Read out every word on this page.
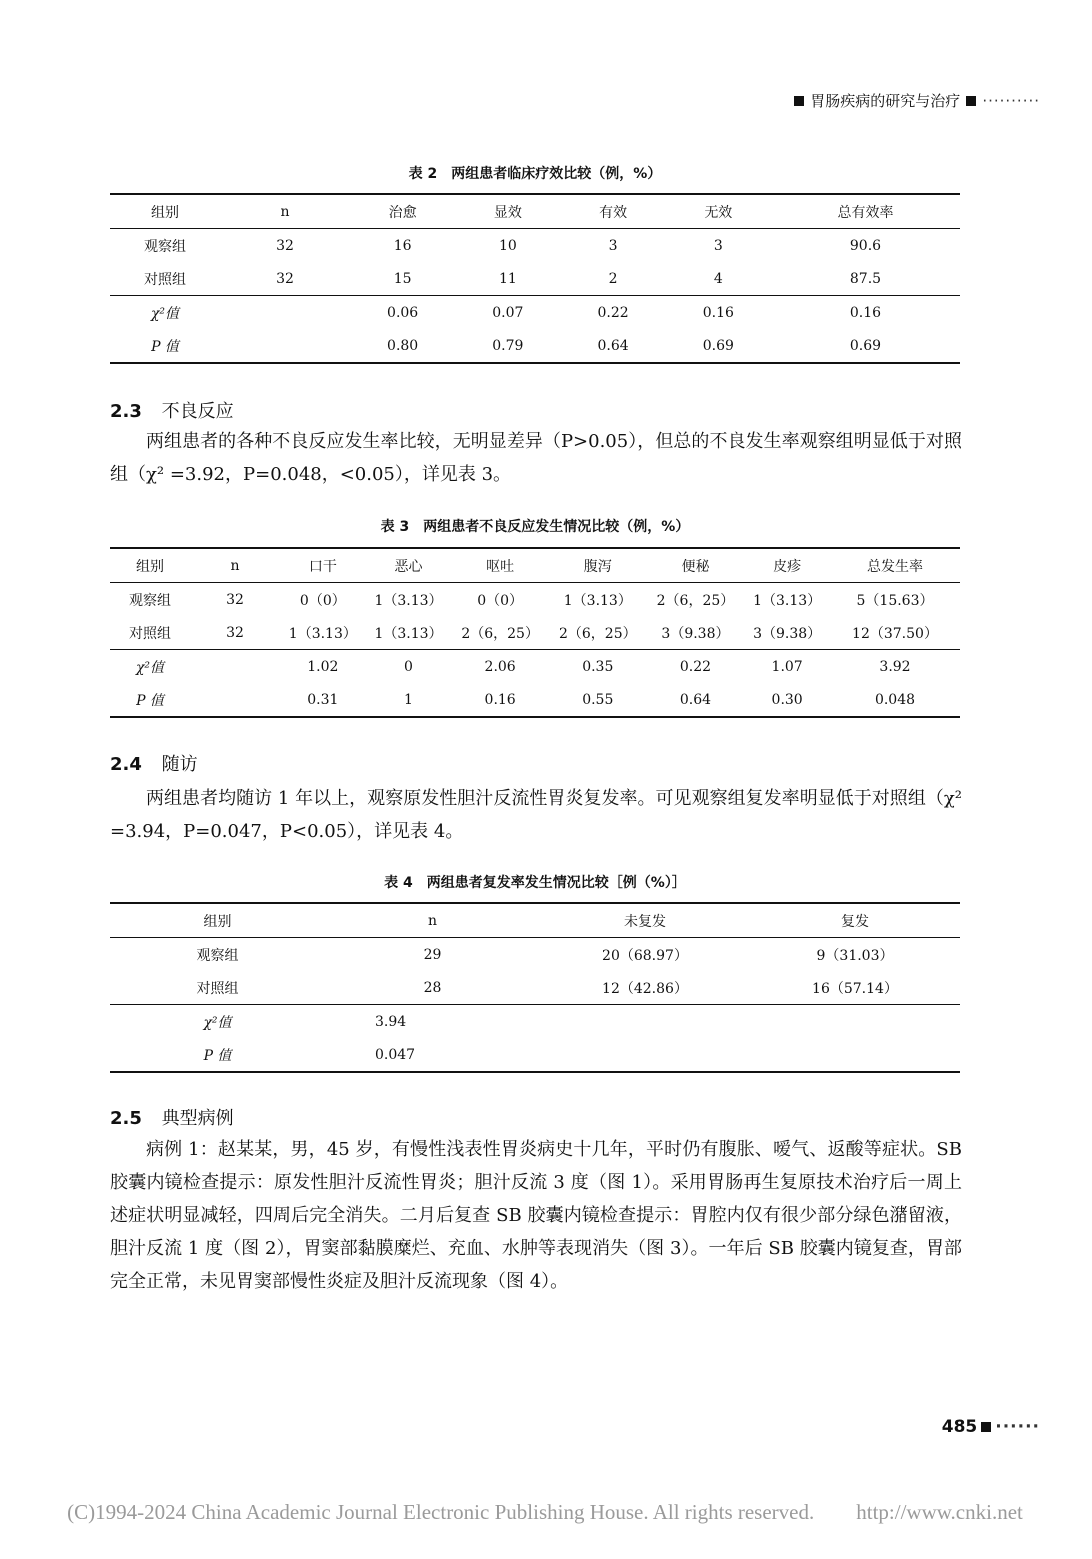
胃肠疾病的研究与治疗 ··········
表 2　两组患者临床疗效比较（例，%）
组别	n	治愈	显效	有效	无效	总有效率
观察组	32	16	10	3	3	90.6
对照组	32	15	11	2	4	87.5
χ²值		0.06	0.07	0.22	0.16	0.16
P 值		0.80	0.79	0.64	0.69	0.69
2.3 不良反应
两组患者的各种不良反应发生率比较，无明显差异（P>0.05），但总的不良发生率观察组明显低于对照组（χ² =3.92，P=0.048，<0.05），详见表 3。
表 3　两组患者不良反应发生情况比较（例，%）
组别	n	口干	恶心	呕吐	腹泻	便秘	皮疹	总发生率
观察组	32	0（0）	1（3.13）	0（0）	1（3.13）	2（6，25）	1（3.13）	5（15.63）
对照组	32	1（3.13）	1（3.13）	2（6，25）	2（6，25）	3（9.38）	3（9.38）	12（37.50）
χ²值		1.02	0	2.06	0.35	0.22	1.07	3.92
P 值		0.31	1	0.16	0.55	0.64	0.30	0.048
2.4 随访
两组患者均随访 1 年以上，观察原发性胆汁反流性胃炎复发率。可见观察组复发率明显低于对照组（χ² =3.94，P=0.047，P<0.05），详见表 4。
表 4　两组患者复发率发生情况比较［例（%）］
组别	n	未复发	复发
观察组	29	20（68.97）	9（31.03）
对照组	28	12（42.86）	16（57.14）
χ²值	3.94		
P 值	0.047		
2.5 典型病例
病例 1：赵某某，男，45 岁，有慢性浅表性胃炎病史十几年，平时仍有腹胀、嗳气、返酸等症状。SB 胶囊内镜检查提示：原发性胆汁反流性胃炎；胆汁反流 3 度（图 1）。采用胃肠再生复原技术治疗后一周上述症状明显减轻，四周后完全消失。二月后复查 SB 胶囊内镜检查提示：胃腔内仅有很少部分绿色潴留液，胆汁反流 1 度（图 2），胃窦部黏膜糜烂、充血、水肿等表现消失（图 3）。一年后 SB 胶囊内镜复查，胃部完全正常，未见胃窦部慢性炎症及胆汁反流现象（图 4）。
485 ······
(C)1994-2024 China Academic Journal Electronic Publishing House. All rights reserved.　　http://www.cnki.net
